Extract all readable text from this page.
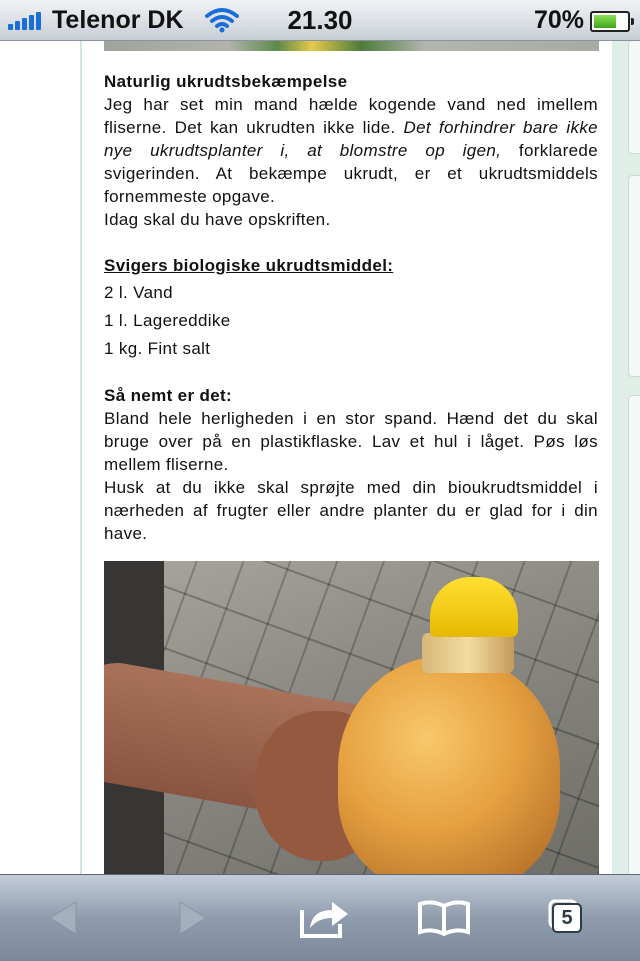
Telenor DK	21.30	70%

Naturlig ukrudtsbekæmpelse

Jeg har set min mand hælde kogende vand ned imellem fliserne. Det kan ukrudten ikke lide. Det forhindrer bare ikke nye ukrudtsplanter i, at blomstre op igen, forklarede svigerinden. At bekæmpe ukrudt, er et ukrudtsmiddels fornemmeste opgave.

Idag skal du have opskriften.

Svigers biologiske ukrudtsmiddel:

2 l. Vand

1 l. Lagereddike

1 kg. Fint salt

Så nemt er det:

Bland hele herligheden i en stor spand. Hænd det du skal bruge over på en plastikflaske. Lav et hul i låget. Pøs løs mellem fliserne.

Husk at du ikke skal sprøjte med din bioukrudtsmiddel i nærheden af frugter eller andre planter du er glad for i din have.

5
